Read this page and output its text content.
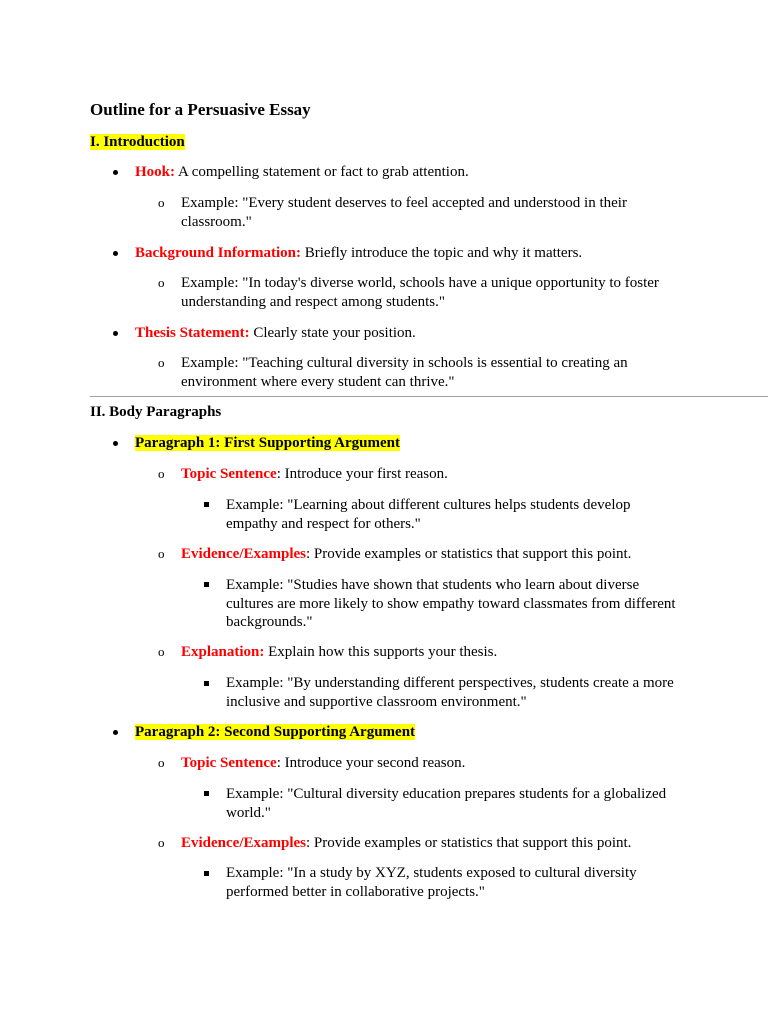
Outline for a Persuasive Essay
I. Introduction
Hook: A compelling statement or fact to grab attention.
o Example: "Every student deserves to feel accepted and understood in their
classroom."
Background Information: Briefly introduce the topic and why it matters.
o Example: "In today's diverse world, schools have a unique opportunity to foster
understanding and respect among students."
Thesis Statement: Clearly state your position.
o Example: "Teaching cultural diversity in schools is essential to creating an
environment where every student can thrive."
II. Body Paragraphs
Paragraph 1: First Supporting Argument
o Topic Sentence: Introduce your first reason.
Example: "Learning about different cultures helps students develop
empathy and respect for others."
o Evidence/Examples: Provide examples or statistics that support this point.
Example: "Studies have shown that students who learn about diverse
cultures are more likely to show empathy toward classmates from different
backgrounds."
o Explanation: Explain how this supports your thesis.
Example: "By understanding different perspectives, students create a more
inclusive and supportive classroom environment."
Paragraph 2: Second Supporting Argument
o Topic Sentence: Introduce your second reason.
Example: "Cultural diversity education prepares students for a globalized
world."
o Evidence/Examples: Provide examples or statistics that support this point.
Example: "In a study by XYZ, students exposed to cultural diversity
performed better in collaborative projects."
